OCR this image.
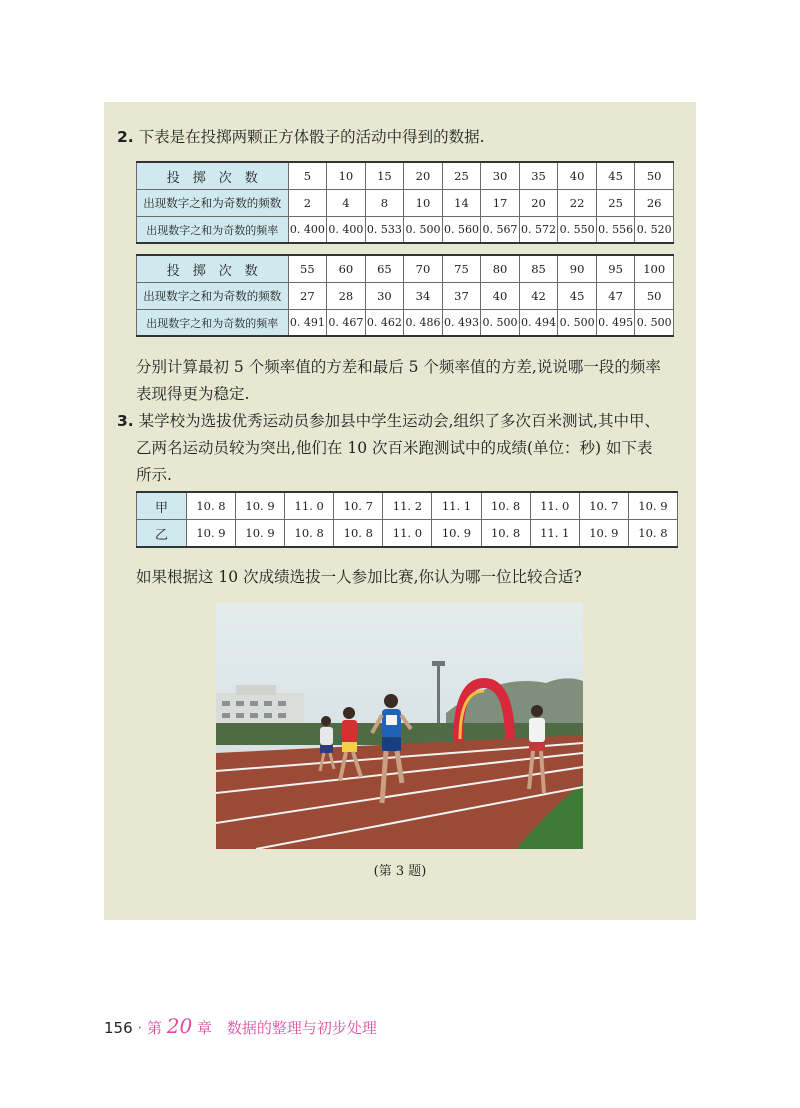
2. 下表是在投掷两颗正方体骰子的活动中得到的数据.
投　掷　次　数	5	10	15	20	25	30	35	40	45	50
出现数字之和为奇数的频数	2	4	8	10	14	17	20	22	25	26
出现数字之和为奇数的频率	0. 400	0. 400	0. 533	0. 500	0. 560	0. 567	0. 572	0. 550	0. 556	0. 520
投　掷　次　数	55	60	65	70	75	80	85	90	95	100
出现数字之和为奇数的频数	27	28	30	34	37	40	42	45	47	50
出现数字之和为奇数的频率	0. 491	0. 467	0. 462	0. 486	0. 493	0. 500	0. 494	0. 500	0. 495	0. 500
分别计算最初 5 个频率值的方差和最后 5 个频率值的方差,说说哪一段的频率
表现得更为稳定.
3. 某学校为选拔优秀运动员参加县中学生运动会,组织了多次百米测试,其中甲、
乙两名运动员较为突出,他们在 10 次百米跑测试中的成绩(单位：秒) 如下表
所示.
甲	10. 8	10. 9	11. 0	10. 7	11. 2	11. 1	10. 8	11. 0	10. 7	10. 9
乙	10. 9	10. 9	10. 8	10. 8	11. 0	10. 9	10. 8	11. 1	10. 9	10. 8
如果根据这 10 次成绩选拔一人参加比赛,你认为哪一位比较合适?
(第 3 题)
156 · 第 20 章 数据的整理与初步处理
